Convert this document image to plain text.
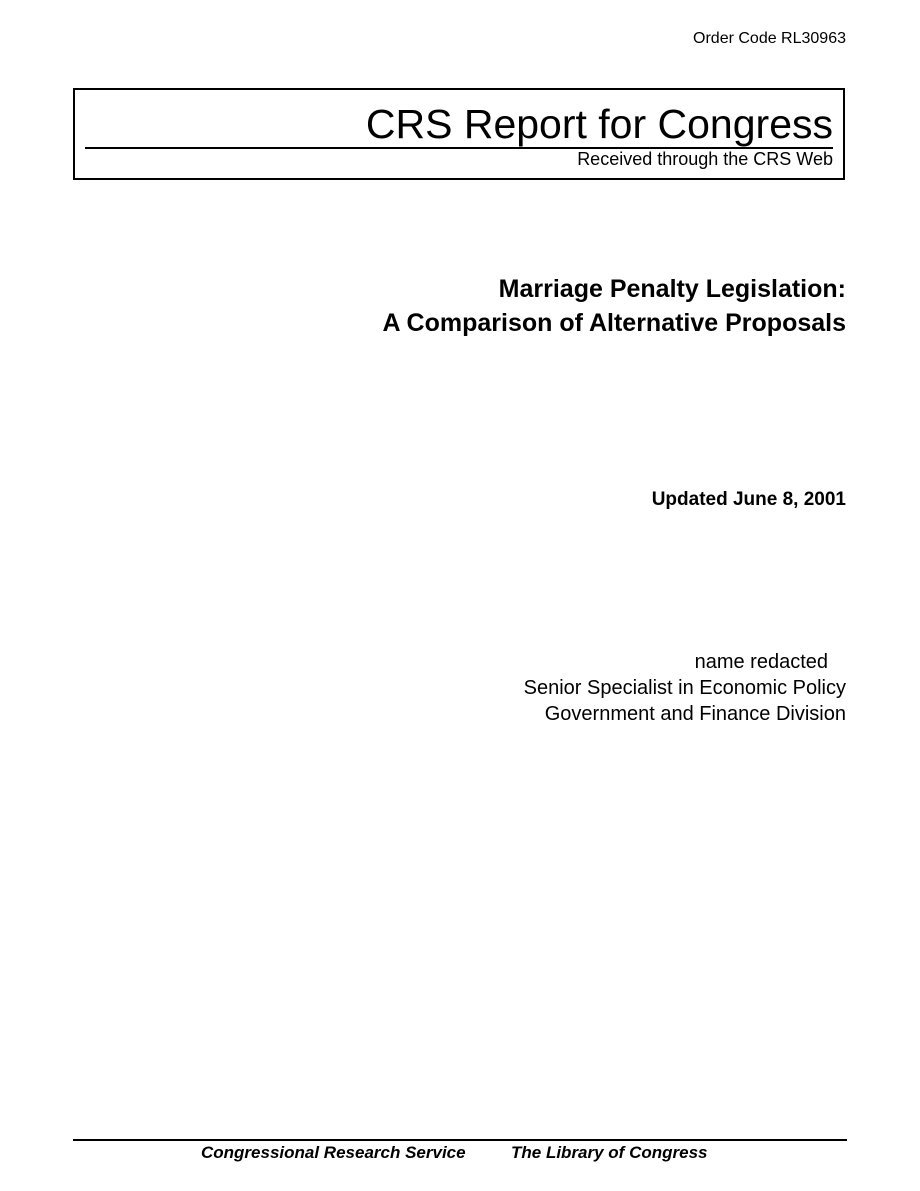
Order Code RL30963
CRS Report for Congress
Received through the CRS Web
Marriage Penalty Legislation:
A Comparison of Alternative Proposals
Updated June 8, 2001
name redacted
Senior Specialist in Economic Policy
Government and Finance Division
Congressional Research Service	The Library of Congress
